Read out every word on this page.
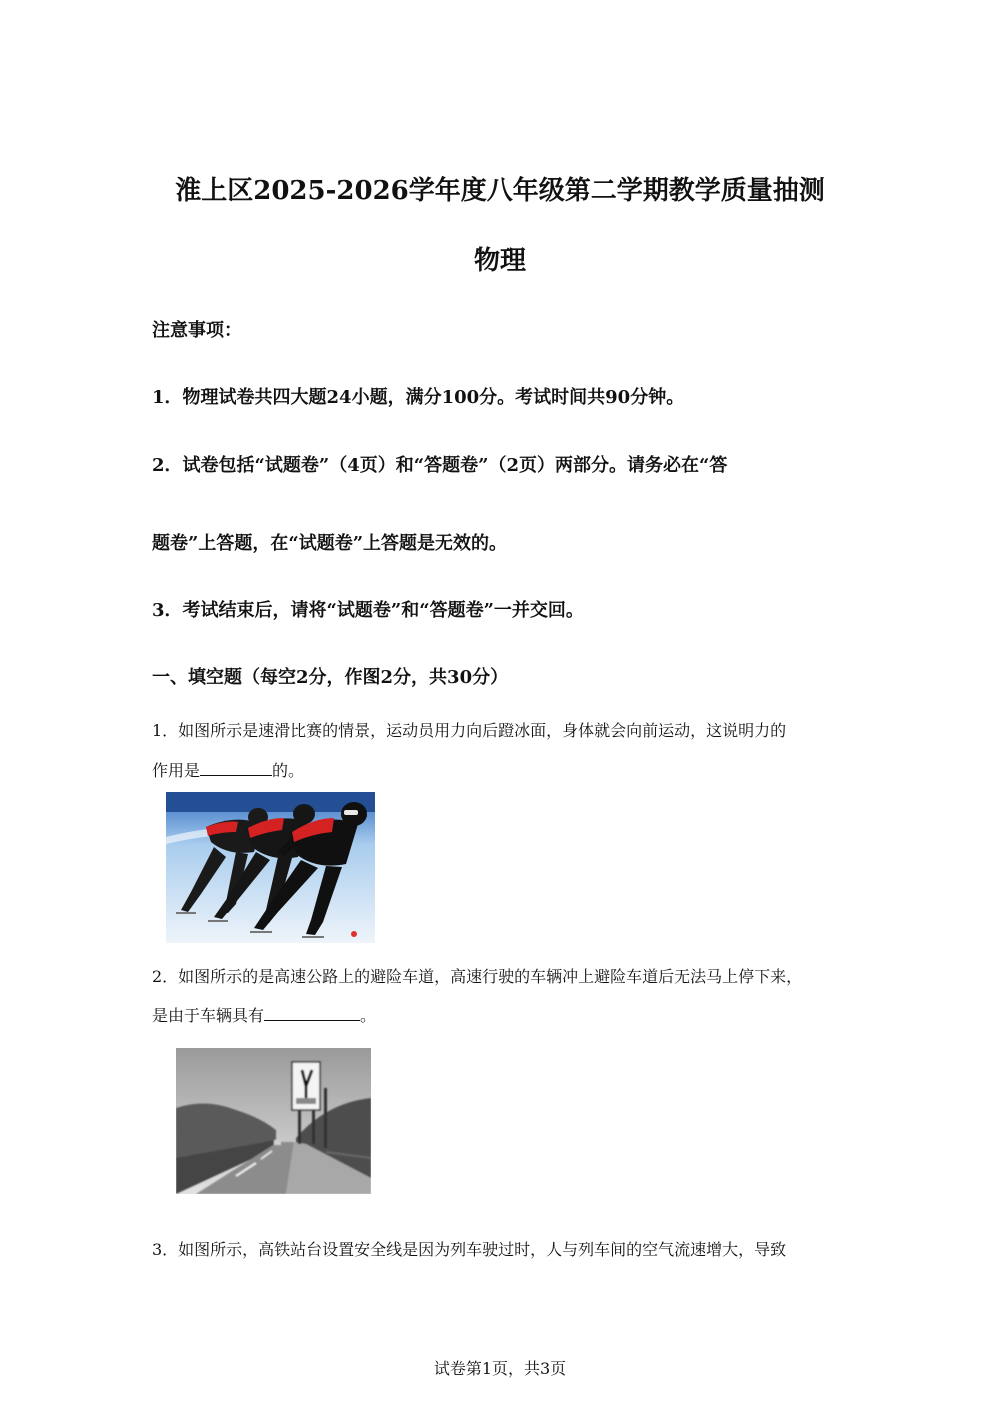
淮上区2025-2026学年度八年级第二学期教学质量抽测
物理

注意事项：

1．物理试卷共四大题24小题，满分100分。考试时间共90分钟。

2．试卷包括“试题卷”（4页）和“答题卷”（2页）两部分。请务必在“答

题卷”上答题，在“试题卷”上答题是无效的。

3．考试结束后，请将“试题卷”和“答题卷”一并交回。

一、填空题（每空2分，作图2分，共30分）

1．如图所示是速滑比赛的情景，运动员用力向后蹬冰面，身体就会向前运动，这说明力的

作用是	的。

2．如图所示的是高速公路上的避险车道，高速行驶的车辆冲上避险车道后无法马上停下来，

是由于车辆具有	。

3．如图所示，高铁站台设置安全线是因为列车驶过时，人与列车间的空气流速增大，导致

试卷第1页，共3页
